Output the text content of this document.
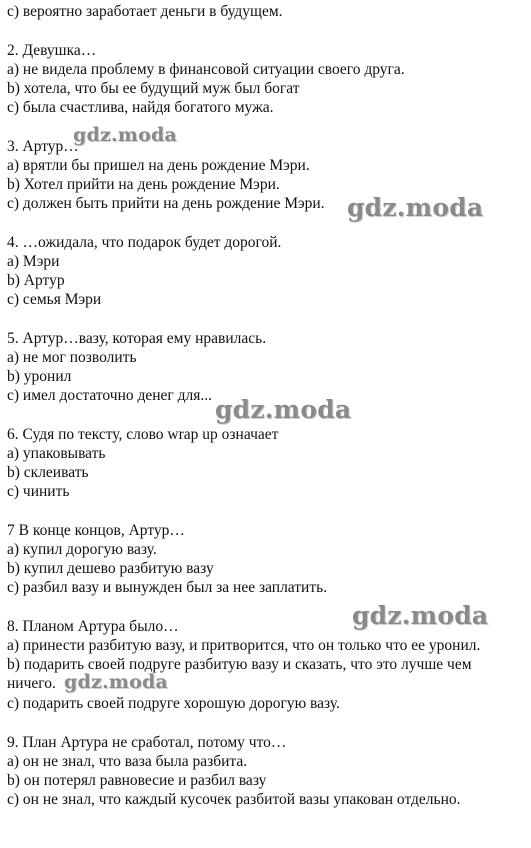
c) вероятно заработает деньги в будущем.
2. Девушка…
a) не видела проблему в финансовой ситуации своего друга.
b) хотела, что бы ее будущий муж был богат
c) была счастлива, найдя богатого мужа.
3. Артур…
a) врятли бы пришел на день рождение Мэри.
b) Хотел прийти на день рождение Мэри.
c) должен быть прийти на день рождение Мэри.
4. …ожидала, что подарок будет дорогой.
a) Мэри
b) Артур
c) семья Мэри
5. Артур…вазу, которая ему нравилась.
a) не мог позволить
b) уронил
c) имел достаточно денег для...
6. Судя по тексту, слово wrap up означает
a) упаковывать
b) склеивать
c) чинить
7 В конце концов, Артур…
a) купил дорогую вазу.
b) купил дешево разбитую вазу
c) разбил вазу и вынужден был за нее заплатить.
8. Планом Артура было…
a) принести разбитую вазу, и притворится, что он только что ее уронил.
b) подарить своей подруге разбитую вазу и сказать, что это лучше чем
ничего.
c) подарить своей подруге хорошую дорогую вазу.
9. План Артура не сработал, потому что…
a) он не знал, что ваза была разбита.
b) он потерял равновесие и разбил вазу
c) он не знал, что каждый кусочек разбитой вазы упакован отдельно.
gdz.moda
gdz.moda
gdz.moda
gdz.moda
gdz.moda
